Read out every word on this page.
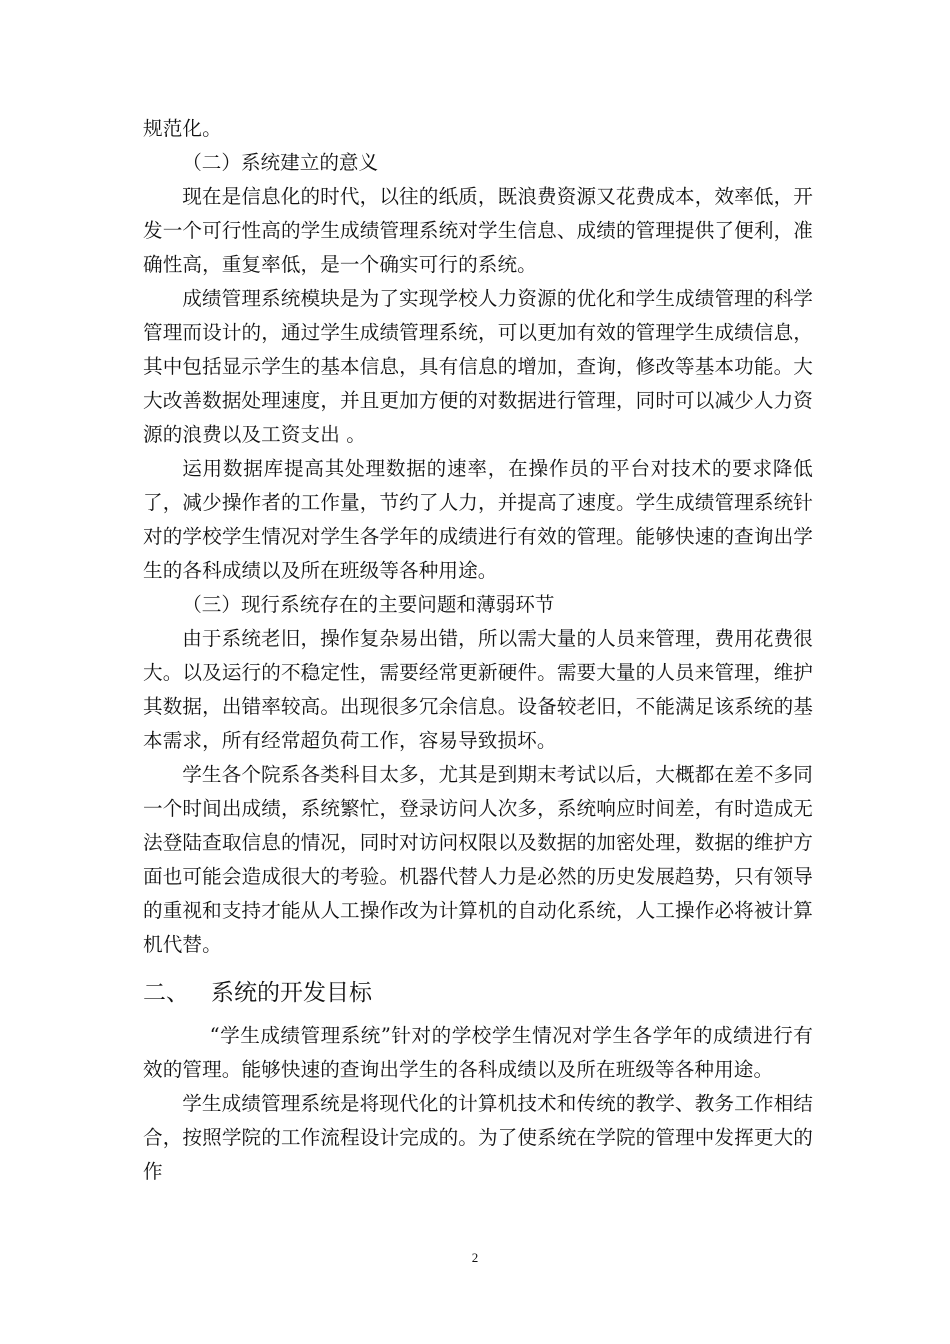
规范化。

（二）系统建立的意义

现在是信息化的时代，以往的纸质，既浪费资源又花费成本，效率低，开发一个可行性高的学生成绩管理系统对学生信息、成绩的管理提供了便利，准确性高，重复率低，是一个确实可行的系统。

成绩管理系统模块是为了实现学校人力资源的优化和学生成绩管理的科学管理而设计的，通过学生成绩管理系统，可以更加有效的管理学生成绩信息，其中包括显示学生的基本信息，具有信息的增加，查询，修改等基本功能。大大改善数据处理速度，并且更加方便的对数据进行管理，同时可以减少人力资源的浪费以及工资支出 。

运用数据库提高其处理数据的速率，在操作员的平台对技术的要求降低了，减少操作者的工作量，节约了人力，并提高了速度。学生成绩管理系统针对的学校学生情况对学生各学年的成绩进行有效的管理。能够快速的查询出学生的各科成绩以及所在班级等各种用途。

（三）现行系统存在的主要问题和薄弱环节

由于系统老旧，操作复杂易出错，所以需大量的人员来管理，费用花费很大。以及运行的不稳定性，需要经常更新硬件。需要大量的人员来管理，维护其数据，出错率较高。出现很多冗余信息。设备较老旧，不能满足该系统的基本需求，所有经常超负荷工作，容易导致损坏。

学生各个院系各类科目太多，尤其是到期末考试以后，大概都在差不多同一个时间出成绩，系统繁忙，登录访问人次多，系统响应时间差，有时造成无法登陆查取信息的情况，同时对访问权限以及数据的加密处理，数据的维护方面也可能会造成很大的考验。机器代替人力是必然的历史发展趋势，只有领导的重视和支持才能从人工操作改为计算机的自动化系统，人工操作必将被计算机代替。

二、 系统的开发目标

“学生成绩管理系统”针对的学校学生情况对学生各学年的成绩进行有效的管理。能够快速的查询出学生的各科成绩以及所在班级等各种用途。

学生成绩管理系统是将现代化的计算机技术和传统的教学、教务工作相结合，按照学院的工作流程设计完成的。为了使系统在学院的管理中发挥更大的作

2
